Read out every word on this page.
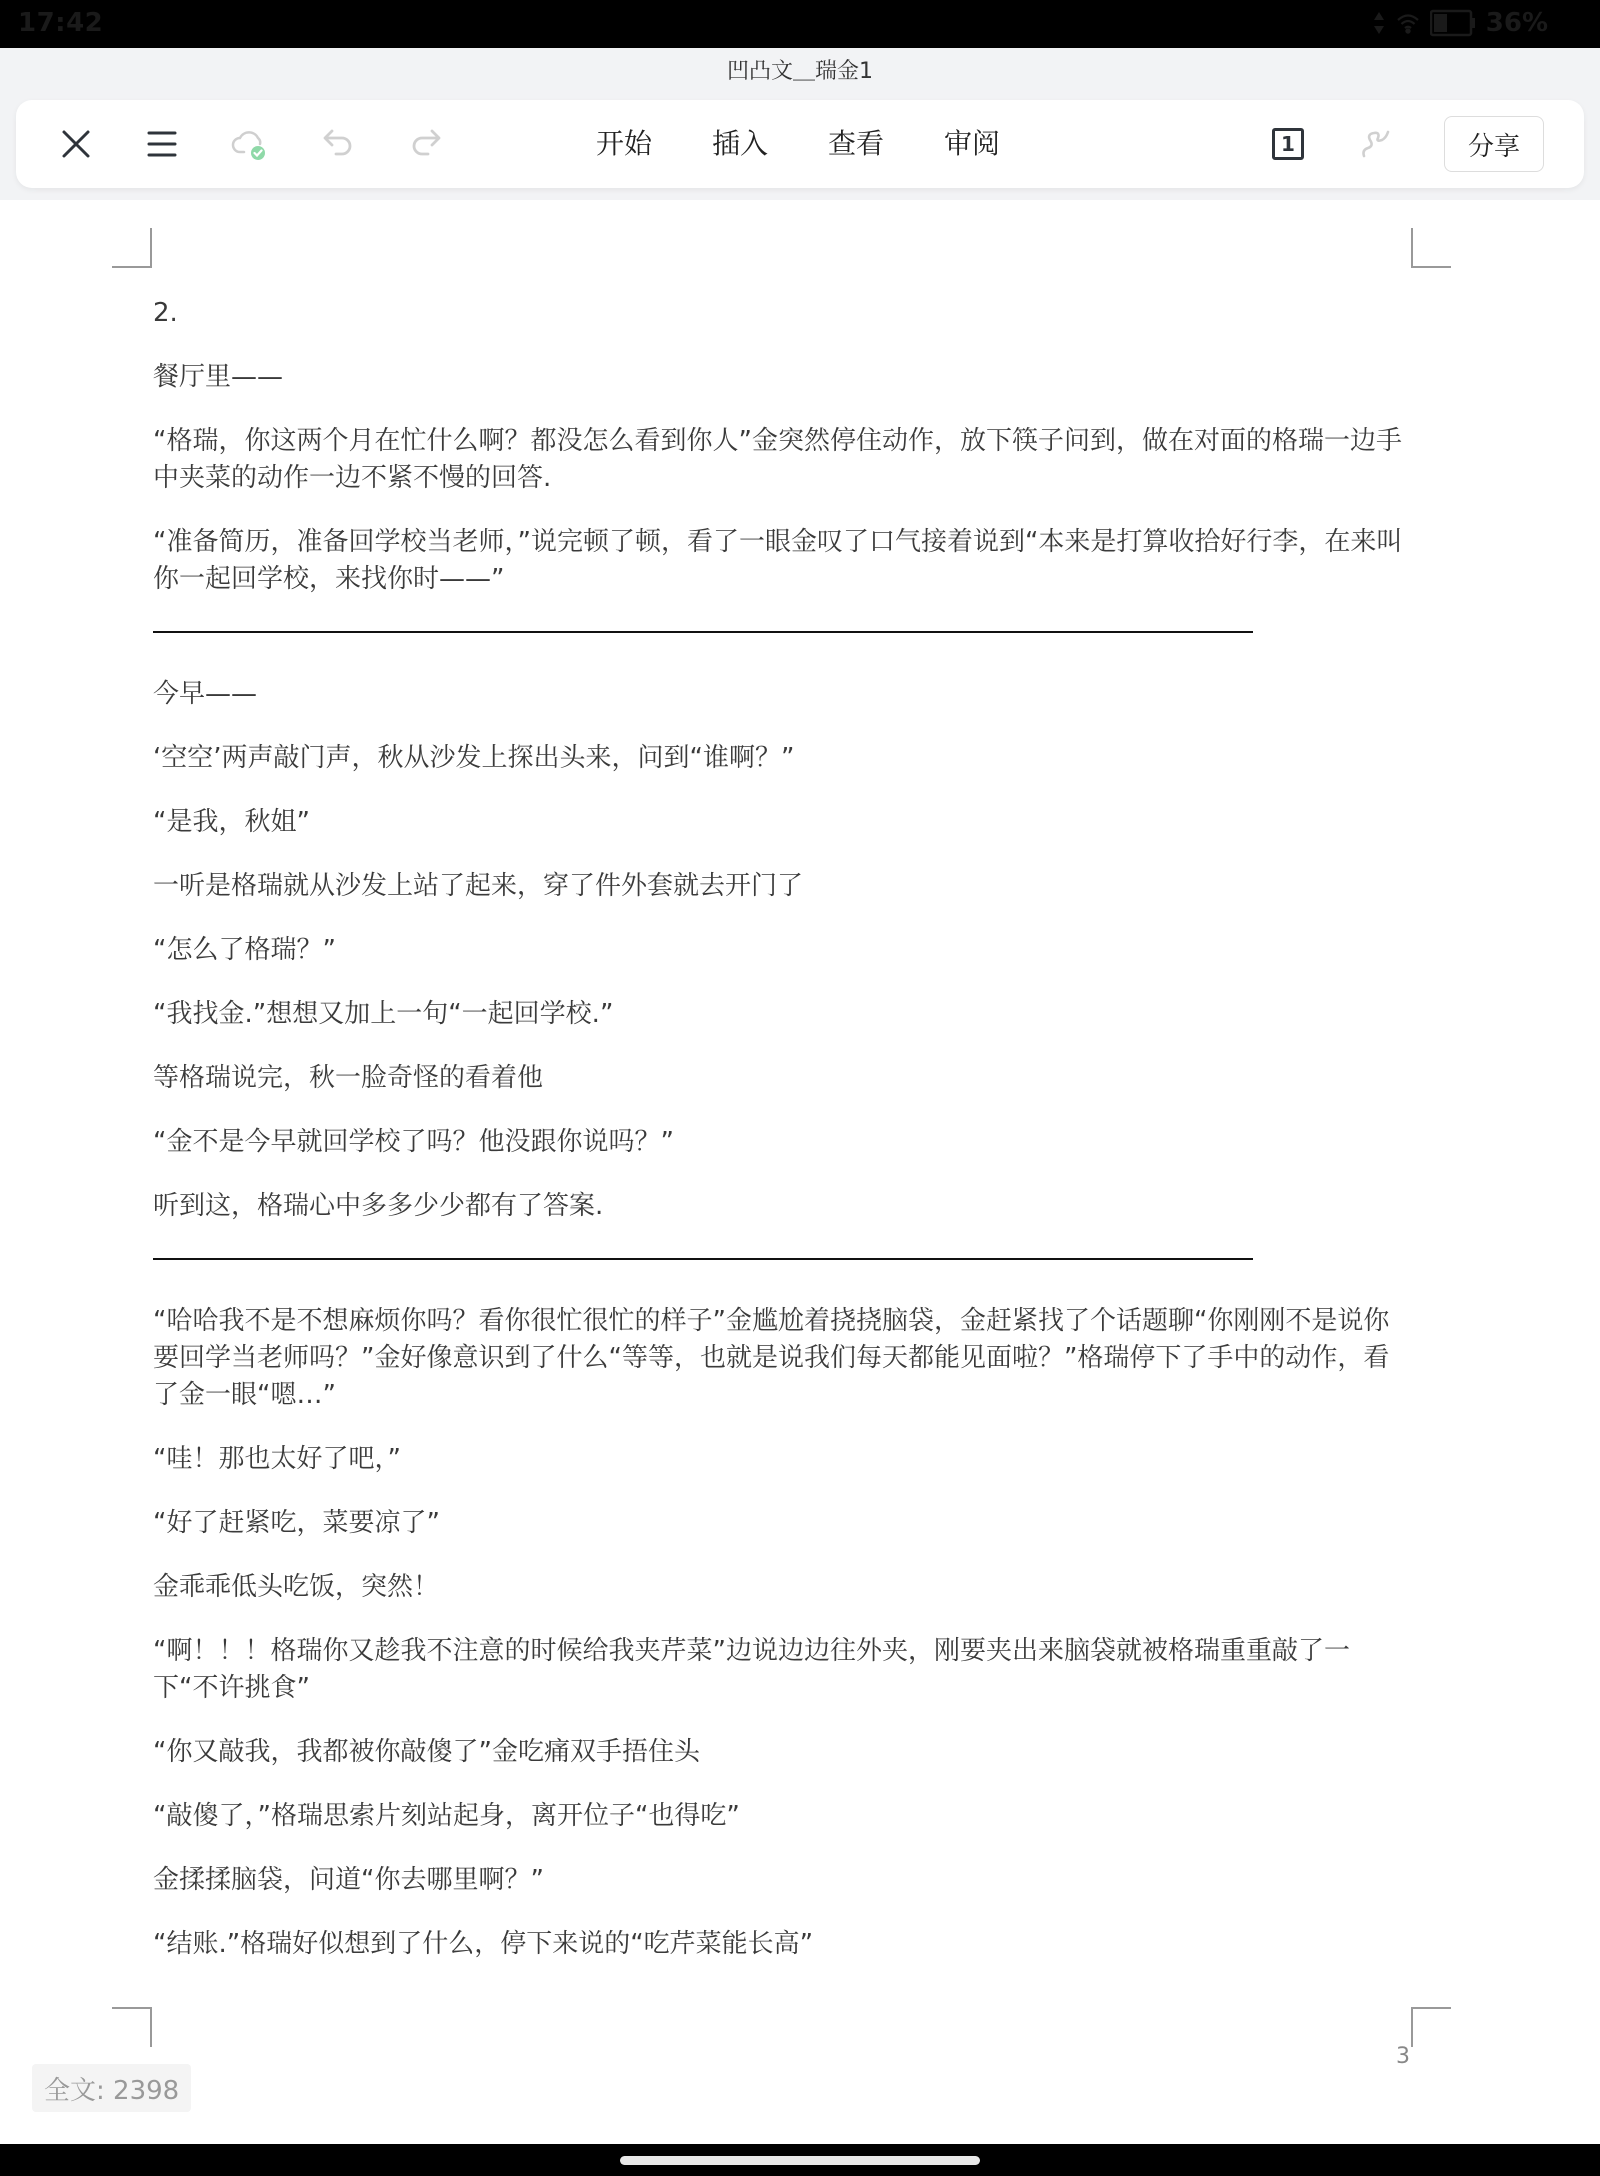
17:42	36%
凹凸文＿瑞金1
开始 插入 查看 审阅	1	分享

2.

餐厅里——

“格瑞，你这两个月在忙什么啊？都没怎么看到你人”金突然停住动作，放下筷子问到，做在对面的格瑞一边手中夹菜的动作一边不紧不慢的回答.

“准备简历，准备回学校当老师，”说完顿了顿，看了一眼金叹了口气接着说到“本来是打算收拾好行李，在来叫你一起回学校，来找你时——”

今早——

‘空空’两声敲门声，秋从沙发上探出头来，问到“谁啊？”

“是我，秋姐”

一听是格瑞就从沙发上站了起来，穿了件外套就去开门了

“怎么了格瑞？”

“我找金.”想想又加上一句“一起回学校.”

等格瑞说完，秋一脸奇怪的看着他

“金不是今早就回学校了吗？他没跟你说吗？”

听到这，格瑞心中多多少少都有了答案.

“哈哈我不是不想麻烦你吗？看你很忙很忙的样子”金尴尬着挠挠脑袋，金赶紧找了个话题聊“你刚刚不是说你要回学当老师吗？”金好像意识到了什么“等等，也就是说我们每天都能见面啦？”格瑞停下了手中的动作，看了金一眼“嗯…”

“哇！那也太好了吧，”

“好了赶紧吃，菜要凉了”

金乖乖低头吃饭，突然！

“啊！！！格瑞你又趁我不注意的时候给我夹芹菜”边说边边往外夹，刚要夹出来脑袋就被格瑞重重敲了一下“不许挑食”

“你又敲我，我都被你敲傻了”金吃痛双手捂住头

“敲傻了，”格瑞思索片刻站起身，离开位子“也得吃”

金揉揉脑袋，问道“你去哪里啊？”

“结账.”格瑞好似想到了什么，停下来说的“吃芹菜能长高”

3
全文: 2398
